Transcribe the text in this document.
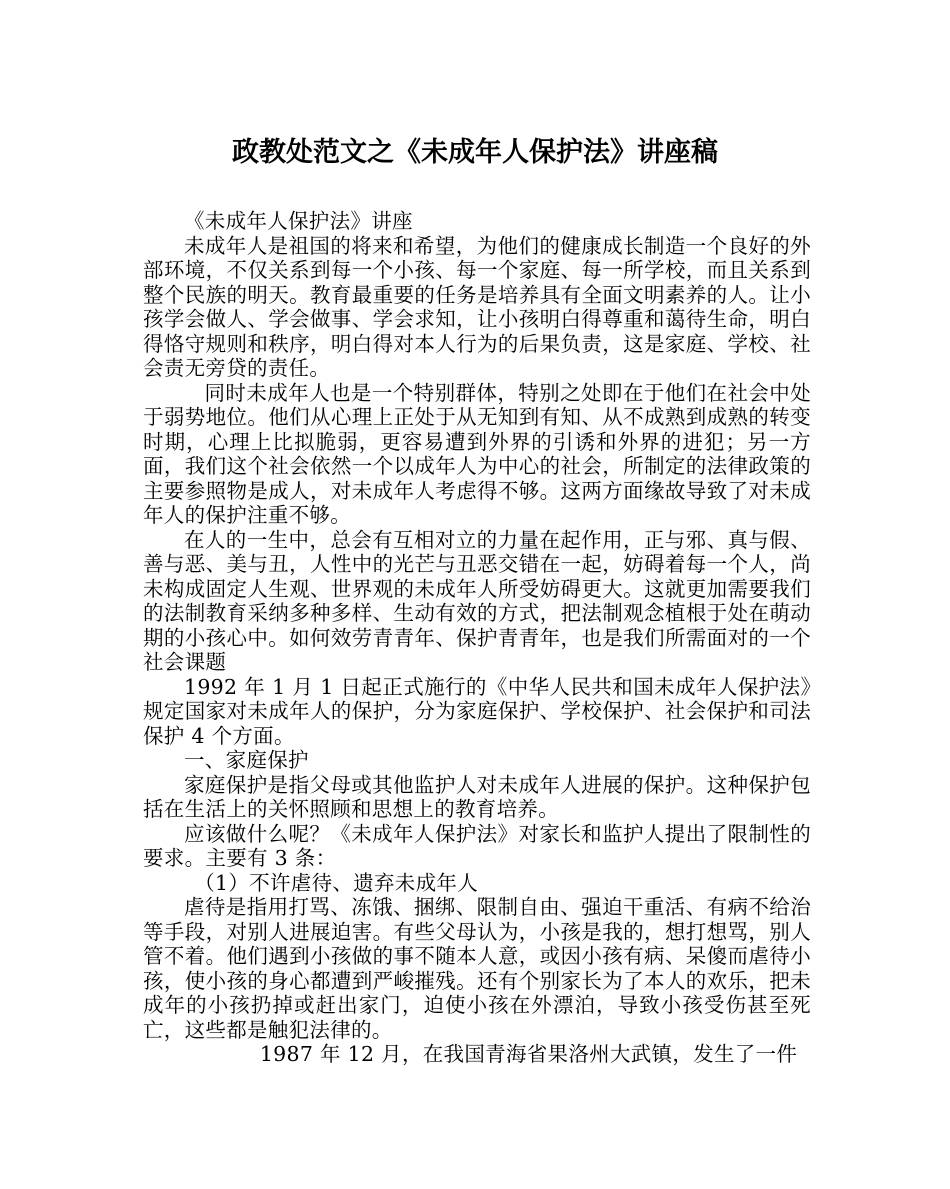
政教处范文之《未成年人保护法》讲座稿

《未成年人保护法》讲座

未成年人是祖国的将来和希望，为他们的健康成长制造一个良好的外部环境，不仅关系到每一个小孩、每一个家庭、每一所学校，而且关系到整个民族的明天。教育最重要的任务是培养具有全面文明素养的人。让小孩学会做人、学会做事、学会求知，让小孩明白得尊重和蔼待生命，明白得恪守规则和秩序，明白得对本人行为的后果负责，这是家庭、学校、社会责无旁贷的责任。

同时未成年人也是一个特别群体，特别之处即在于他们在社会中处于弱势地位。他们从心理上正处于从无知到有知、从不成熟到成熟的转变时期，心理上比拟脆弱，更容易遭到外界的引诱和外界的进犯；另一方面，我们这个社会依然一个以成年人为中心的社会，所制定的法律政策的主要参照物是成人，对未成年人考虑得不够。这两方面缘故导致了对未成年人的保护注重不够。

在人的一生中，总会有互相对立的力量在起作用，正与邪、真与假、善与恶、美与丑，人性中的光芒与丑恶交错在一起，妨碍着每一个人，尚未构成固定人生观、世界观的未成年人所受妨碍更大。这就更加需要我们的法制教育采纳多种多样、生动有效的方式，把法制观念植根于处在萌动期的小孩心中。如何效劳青青年、保护青青年，也是我们所需面对的一个社会课题

1992 年 1 月 1 日起正式施行的《中华人民共和国未成年人保护法》规定国家对未成年人的保护，分为家庭保护、学校保护、社会保护和司法保护 4 个方面。

一、家庭保护

家庭保护是指父母或其他监护人对未成年人进展的保护。这种保护包括在生活上的关怀照顾和思想上的教育培养。

应该做什么呢？《未成年人保护法》对家长和监护人提出了限制性的要求。主要有 3 条：

（1）不许虐待、遗弃未成年人

虐待是指用打骂、冻饿、捆绑、限制自由、强迫干重活、有病不给治等手段，对别人进展迫害。有些父母认为，小孩是我的，想打想骂，别人管不着。他们遇到小孩做的事不随本人意，或因小孩有病、呆傻而虐待小孩，使小孩的身心都遭到严峻摧残。还有个别家长为了本人的欢乐，把未成年的小孩扔掉或赶出家门，迫使小孩在外漂泊，导致小孩受伤甚至死亡，这些都是触犯法律的。

1987 年 12 月，在我国青海省果洛州大武镇，发生了一件
